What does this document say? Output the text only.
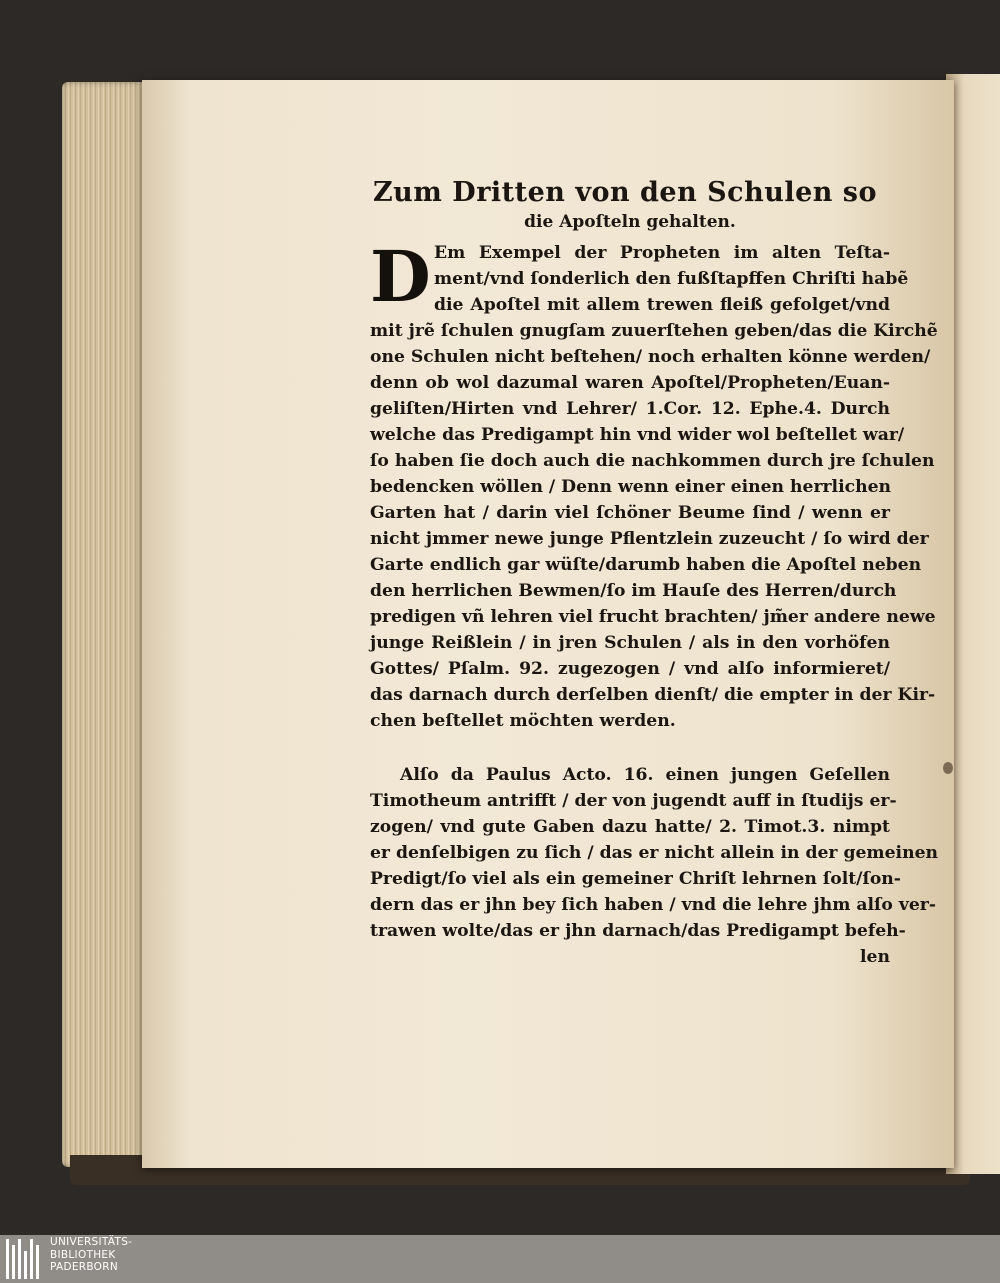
Zum Dritten von den Schulen so
die Apoſteln gehalten.
D Em Exempel der Propheten im alten Teſta-
ment/vnd ſonderlich den fußſtapffen Chriſti habẽ
die Apoſtel mit allem trewen fleiß gefolget/vnd
mit jrẽ ſchulen gnugſam zuuerſtehen geben/das die Kirchẽ
one Schulen nicht beſtehen/ noch erhalten könne werden/
denn ob wol dazumal waren Apoſtel/Propheten/Euan-
geliſten/Hirten vnd Lehrer/ 1.Cor. 12. Ephe.4. Durch
welche das Predigampt hin vnd wider wol beſtellet war/
ſo haben ſie doch auch die nachkommen durch jre ſchulen
bedencken wöllen / Denn wenn einer einen herrlichen
Garten hat / darin viel ſchöner Beume ſind / wenn er
nicht jmmer newe junge Pflentzlein zuzeucht / ſo wird der
Garte endlich gar wüſte/darumb haben die Apoſtel neben
den herrlichen Bewmen/ſo im Hauſe des Herren/durch
predigen vñ lehren viel frucht brachten/ jm̃er andere newe
junge Reißlein / in jren Schulen / als in den vorhöfen
Gottes/ Pſalm. 92. zugezogen / vnd alſo informieret/
das darnach durch derſelben dienſt/ die empter in der Kir-
chen beſtellet möchten werden.
Alſo da Paulus Acto. 16. einen jungen Geſellen
Timotheum antrifft / der von jugendt auff in ſtudijs er-
zogen/ vnd gute Gaben dazu hatte/ 2. Timot.3. nimpt
er denſelbigen zu ſich / das er nicht allein in der gemeinen
Predigt/ſo viel als ein gemeiner Chriſt lehrnen ſolt/ſon-
dern das er jhn bey ſich haben / vnd die lehre jhm alſo ver-
trawen wolte/das er jhn darnach/das Predigampt befeh-
len
UNIVERSITÄTS-
BIBLIOTHEK
PADERBORN
